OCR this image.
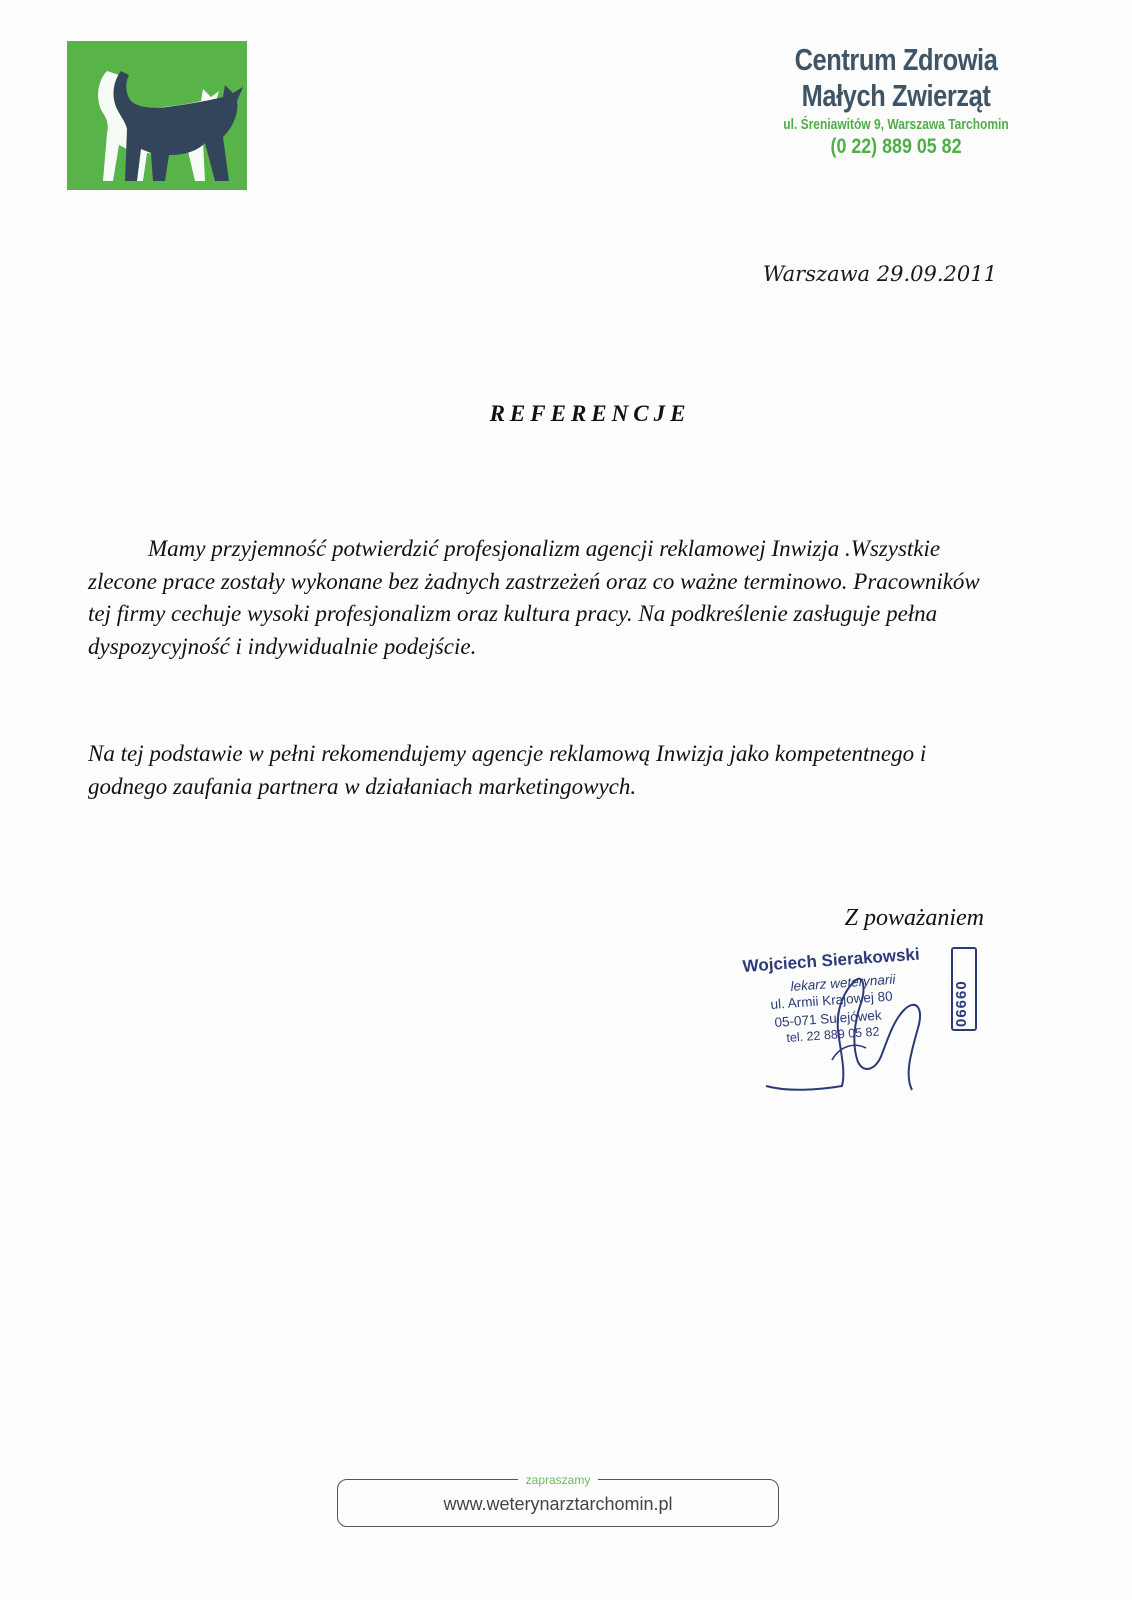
Centrum Zdrowia
Małych Zwierząt
ul. Śreniawitów 9, Warszawa Tarchomin
(0 22) 889 05 82
Warszawa 29.09.2011
REFERENCJE
Mamy przyjemność potwierdzić profesjonalizm agencji reklamowej Inwizja .Wszystkie zlecone prace zostały wykonane bez żadnych zastrzeżeń oraz co ważne terminowo. Pracowników tej firmy cechuje wysoki profesjonalizm oraz kultura pracy. Na podkreślenie zasługuje pełna dyspozycyjność i indywidualnie podejście.
Na tej podstawie w pełni rekomendujemy agencje reklamową Inwizja jako kompetentnego i godnego zaufania partnera w działaniach marketingowych.
Z poważaniem
Wojciech Sierakowski
lekarz weterynarii
ul. Armii Krajowej 80
05-071 Sulejówek
tel. 22 889 05 82
06660
zapraszamy
www.weterynarztarchomin.pl
